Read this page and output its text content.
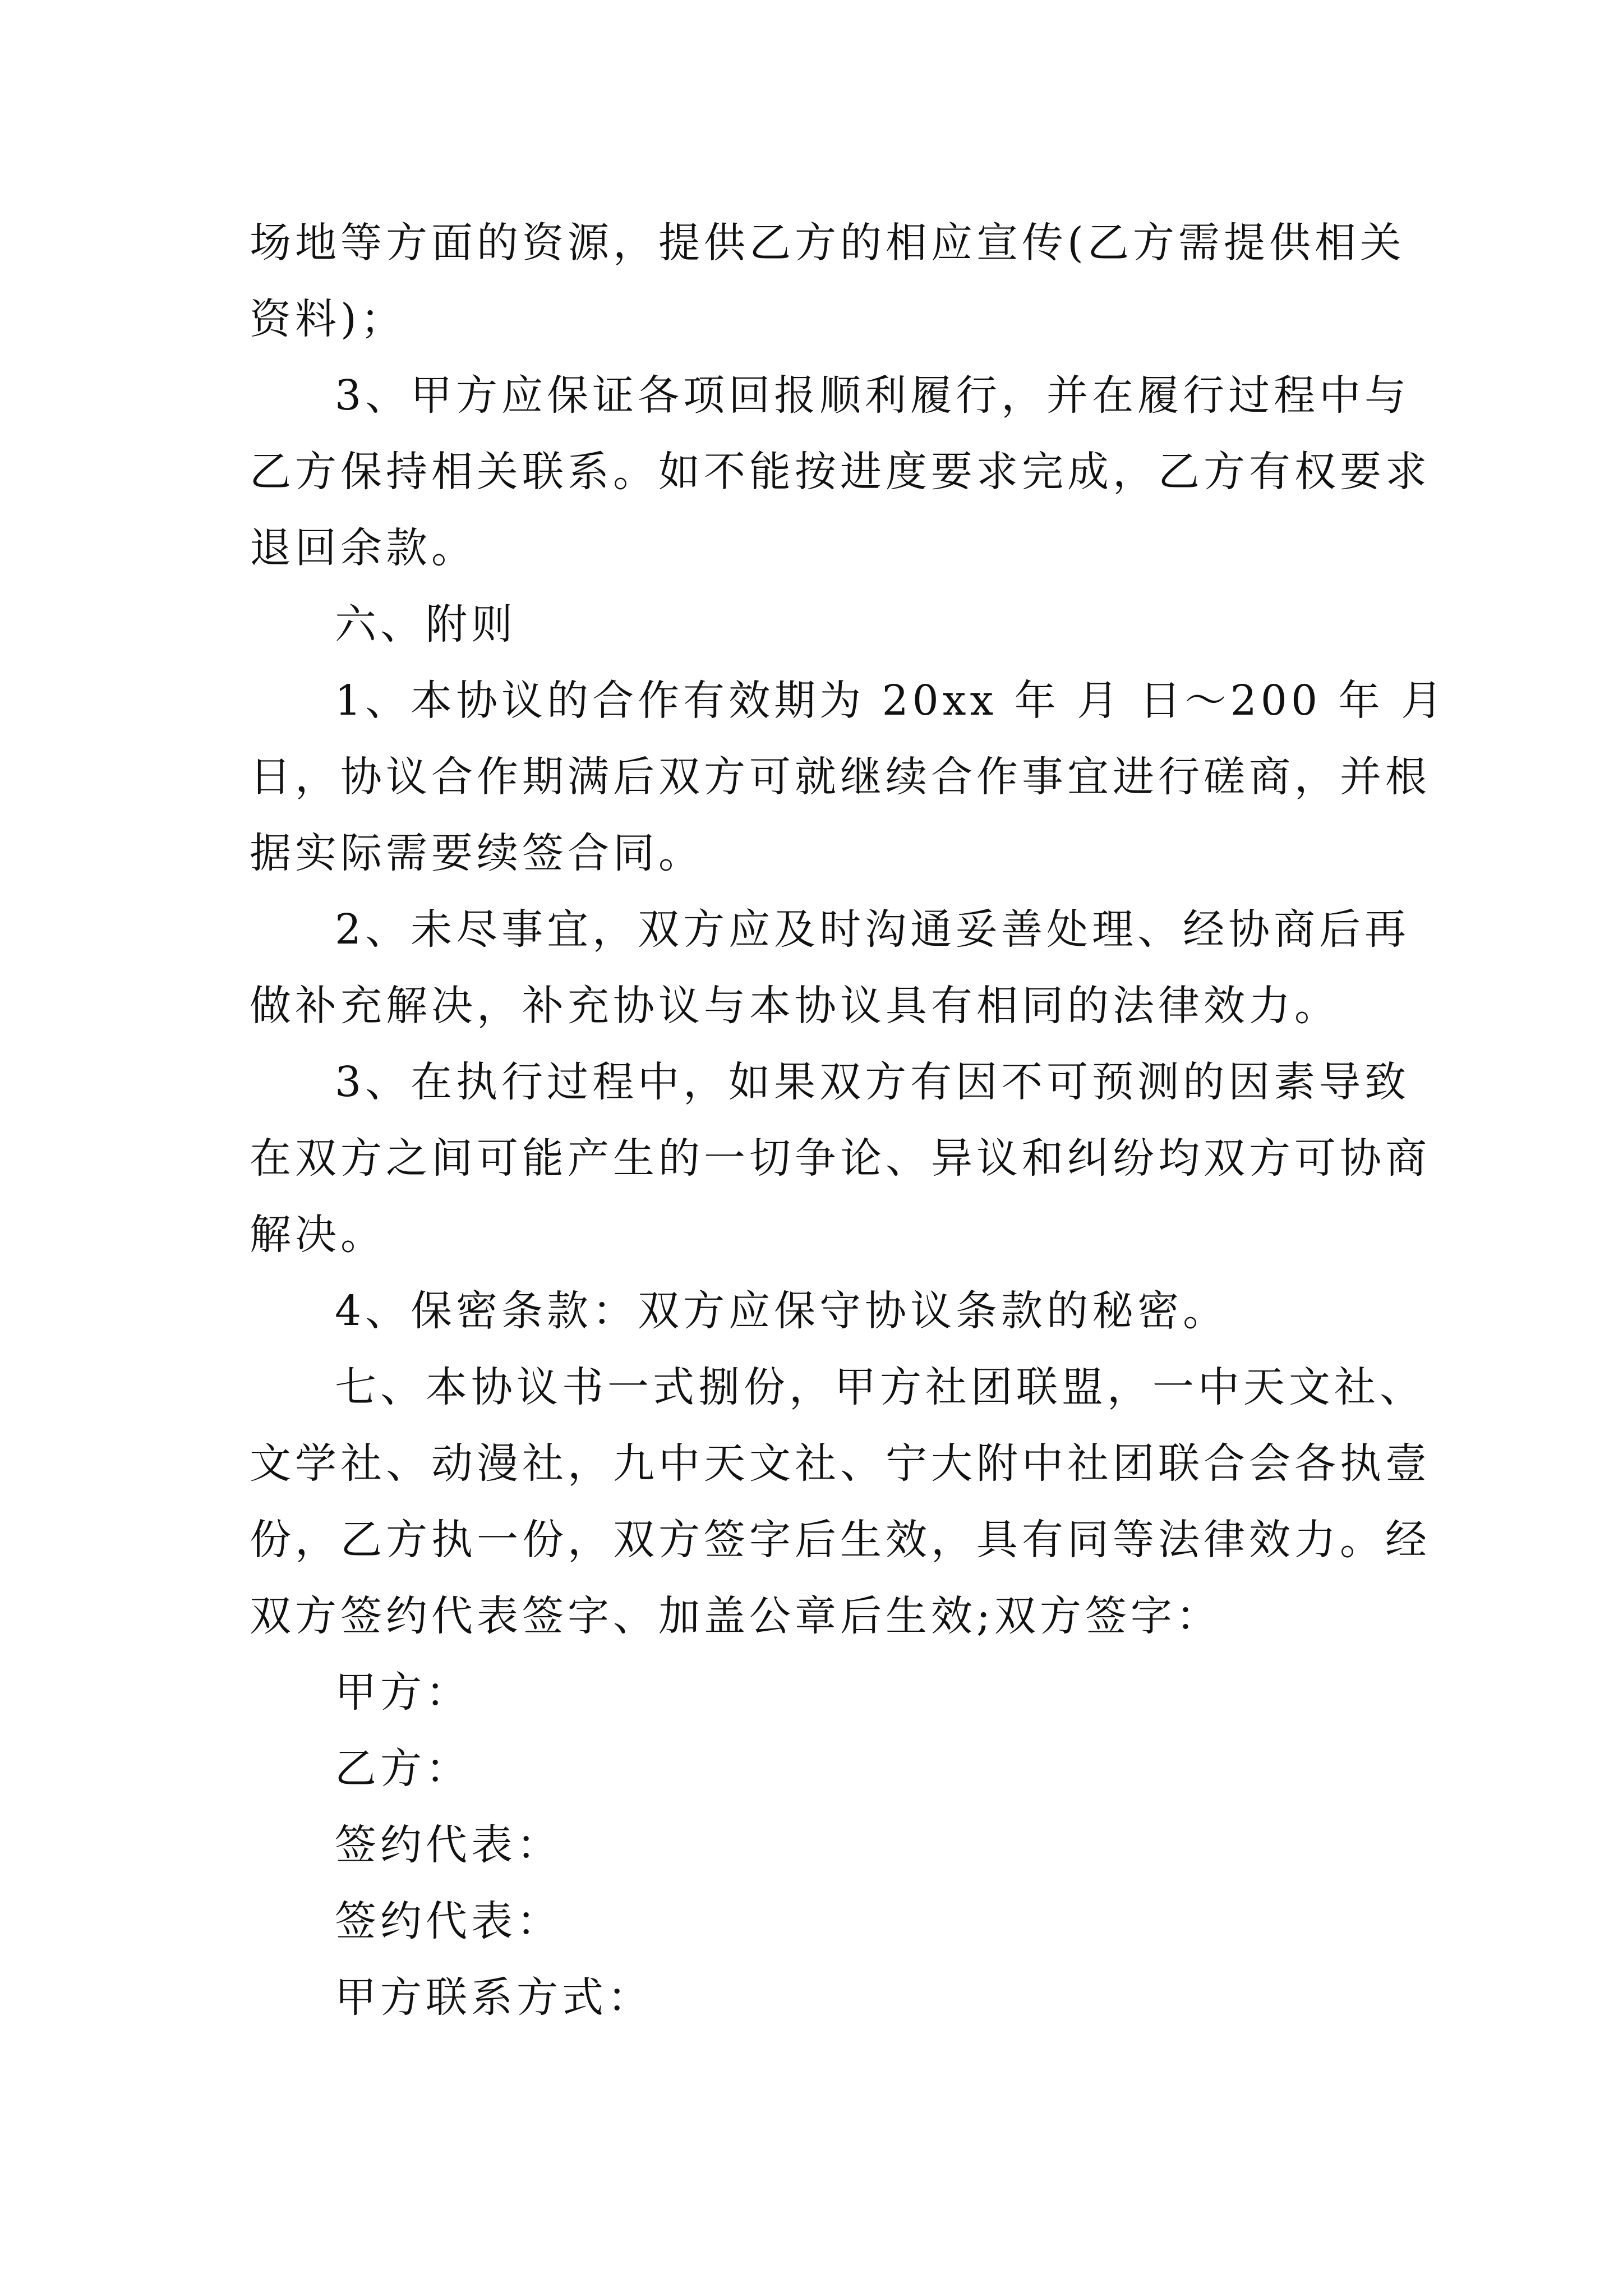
场地等方面的资源，提供乙方的相应宣传(乙方需提供相关
资料)；
3、甲方应保证各项回报顺利履行，并在履行过程中与
乙方保持相关联系。如不能按进度要求完成，乙方有权要求
退回余款。
六、附则
1、本协议的合作有效期为 20xx 年 月 日～200 年 月
日，协议合作期满后双方可就继续合作事宜进行磋商，并根
据实际需要续签合同。
2、未尽事宜，双方应及时沟通妥善处理、经协商后再
做补充解决，补充协议与本协议具有相同的法律效力。
3、在执行过程中，如果双方有因不可预测的因素导致
在双方之间可能产生的一切争论、异议和纠纷均双方可协商
解决。
4、保密条款：双方应保守协议条款的秘密。
七、本协议书一式捌份，甲方社团联盟，一中天文社、
文学社、动漫社，九中天文社、宁大附中社团联合会各执壹
份，乙方执一份，双方签字后生效，具有同等法律效力。经
双方签约代表签字、加盖公章后生效;双方签字：
甲方：
乙方：
签约代表：
签约代表：
甲方联系方式：
